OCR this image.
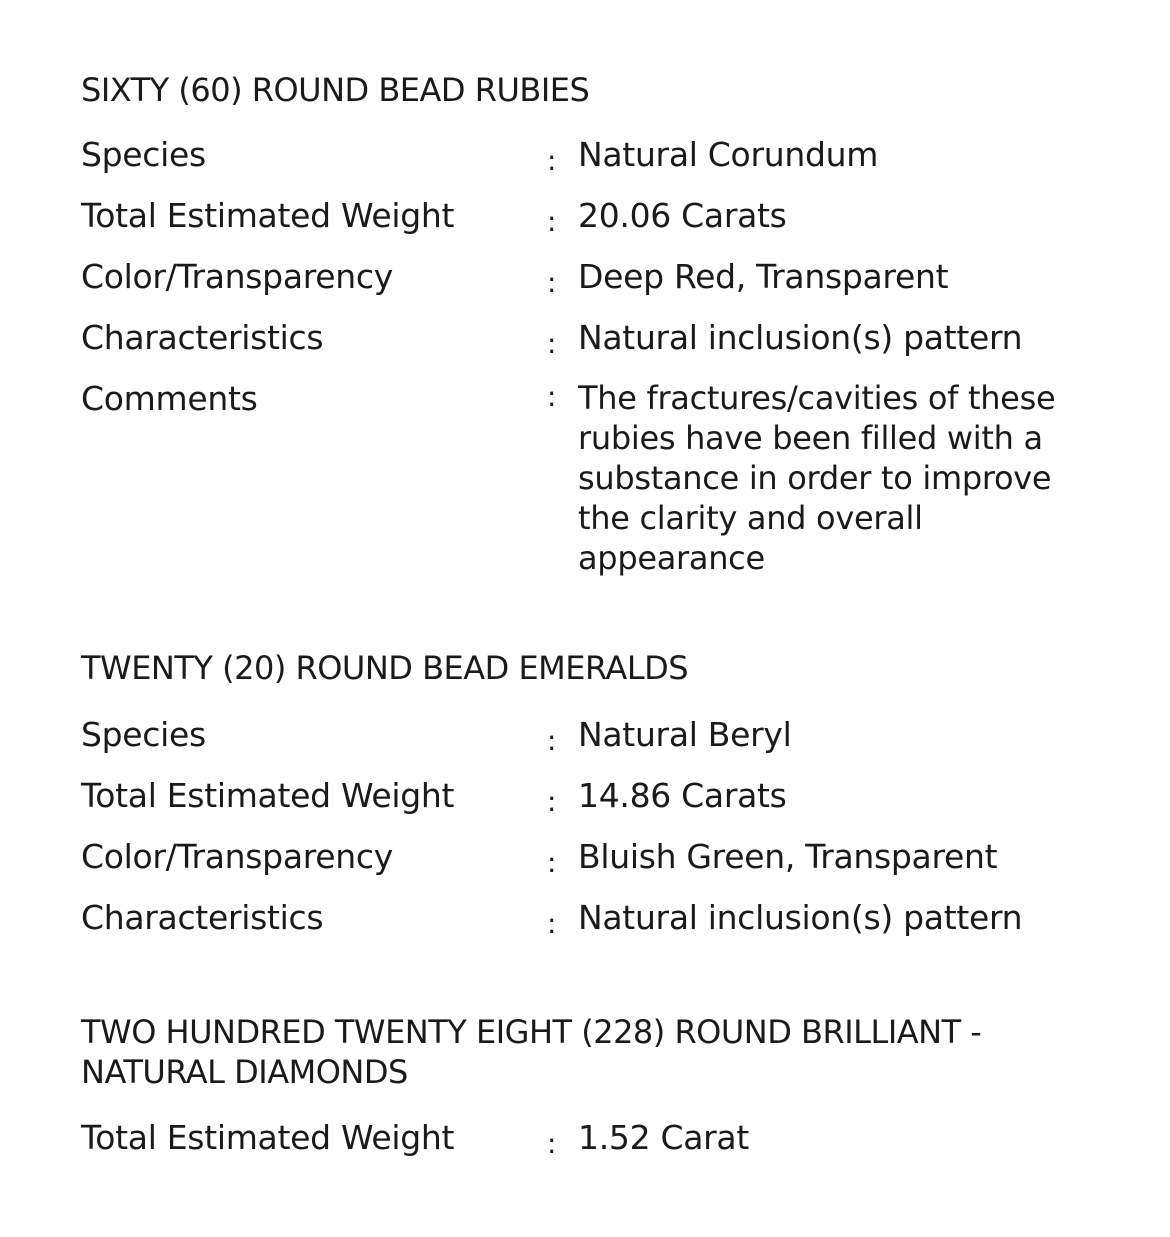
SIXTY (60) ROUND BEAD RUBIES
Species	: Natural Corundum
Total Estimated Weight	: 20.06 Carats
Color/Transparency	: Deep Red, Transparent
Characteristics	: Natural inclusion(s) pattern
Comments	: The fractures/cavities of these
rubies have been filled with a
substance in order to improve
the clarity and overall
appearance
TWENTY (20) ROUND BEAD EMERALDS
Species	: Natural Beryl
Total Estimated Weight	: 14.86 Carats
Color/Transparency	: Bluish Green, Transparent
Characteristics	: Natural inclusion(s) pattern
TWO HUNDRED TWENTY EIGHT (228) ROUND BRILLIANT -
NATURAL DIAMONDS
Total Estimated Weight	: 1.52 Carat
